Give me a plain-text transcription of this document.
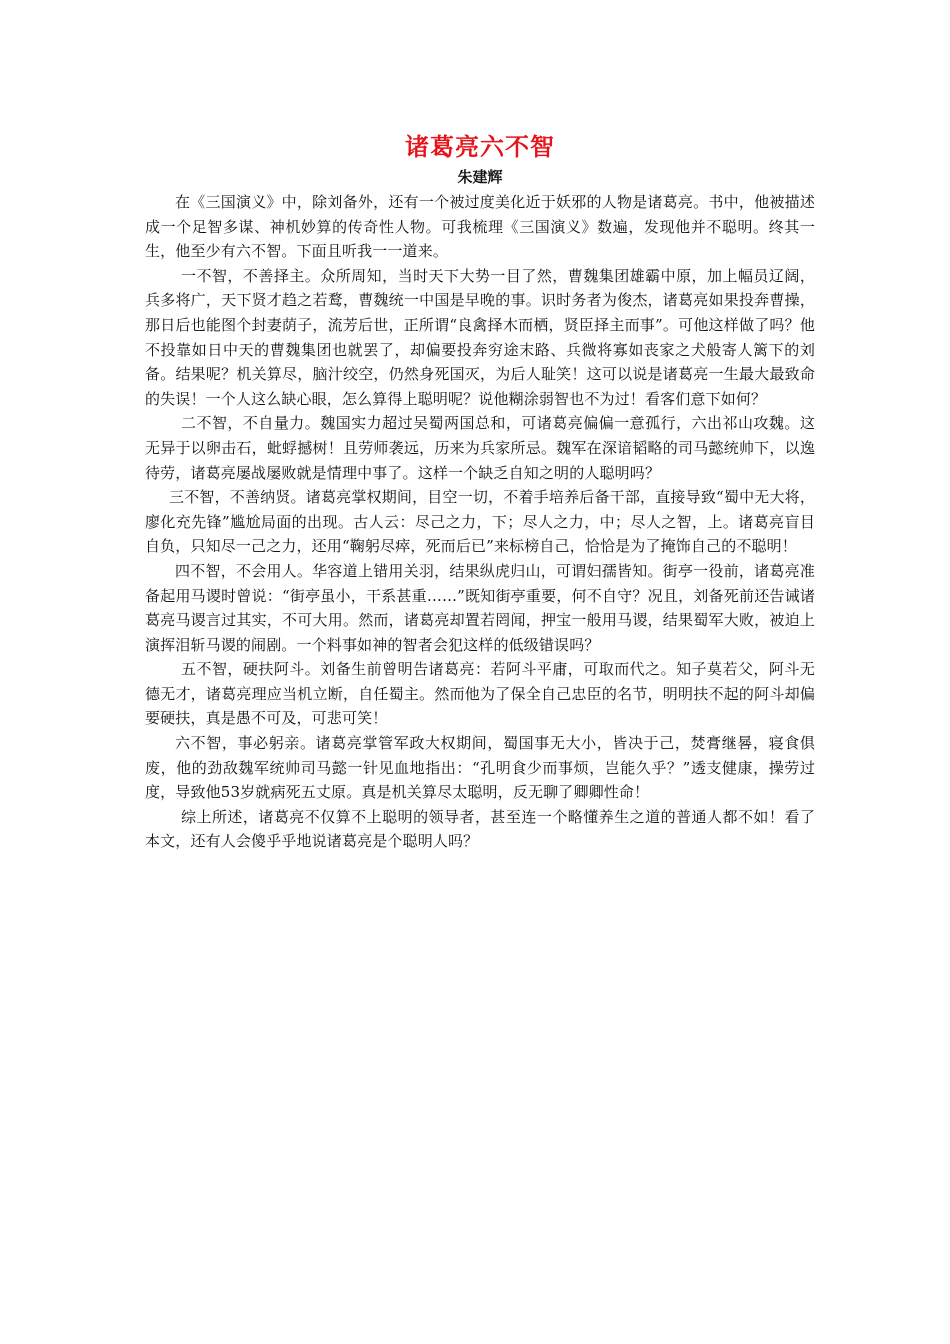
诸葛亮六不智
朱建辉

在《三国演义》中，除刘备外，还有一个被过度美化近于妖邪的人物是诸葛亮。书中，他被描述成一个足智多谋、神机妙算的传奇性人物。可我梳理《三国演义》数遍，发现他并不聪明。终其一生，他至少有六不智。下面且听我一一道来。

一不智，不善择主。众所周知，当时天下大势一目了然，曹魏集团雄霸中原，加上幅员辽阔，兵多将广，天下贤才趋之若鹜，曹魏统一中国是早晚的事。识时务者为俊杰，诸葛亮如果投奔曹操，那日后也能图个封妻荫子，流芳后世，正所谓“良禽择木而栖，贤臣择主而事”。可他这样做了吗？他不投靠如日中天的曹魏集团也就罢了，却偏要投奔穷途末路、兵微将寡如丧家之犬般寄人篱下的刘备。结果呢？机关算尽，脑汁绞空，仍然身死国灭，为后人耻笑！这可以说是诸葛亮一生最大最致命的失误！一个人这么缺心眼，怎么算得上聪明呢？说他糊涂弱智也不为过！看客们意下如何？

二不智，不自量力。魏国实力超过吴蜀两国总和，可诸葛亮偏偏一意孤行，六出祁山攻魏。这无异于以卵击石，蚍蜉撼树！且劳师袭远，历来为兵家所忌。魏军在深谙韬略的司马懿统帅下，以逸待劳，诸葛亮屡战屡败就是情理中事了。这样一个缺乏自知之明的人聪明吗？

三不智，不善纳贤。诸葛亮掌权期间，目空一切，不着手培养后备干部，直接导致“蜀中无大将，廖化充先锋”尴尬局面的出现。古人云：尽己之力，下；尽人之力，中；尽人之智，上。诸葛亮盲目自负，只知尽一己之力，还用“鞠躬尽瘁，死而后已”来标榜自己，恰恰是为了掩饰自己的不聪明！

四不智，不会用人。华容道上错用关羽，结果纵虎归山，可谓妇孺皆知。街亭一役前，诸葛亮准备起用马谡时曾说：“街亭虽小，干系甚重……”既知街亭重要，何不自守？况且，刘备死前还告诫诸葛亮马谡言过其实，不可大用。然而，诸葛亮却置若罔闻，押宝一般用马谡，结果蜀军大败，被迫上演挥泪斩马谡的闹剧。一个料事如神的智者会犯这样的低级错误吗？

五不智，硬扶阿斗。刘备生前曾明告诸葛亮：若阿斗平庸，可取而代之。知子莫若父，阿斗无德无才，诸葛亮理应当机立断，自任蜀主。然而他为了保全自己忠臣的名节，明明扶不起的阿斗却偏要硬扶，真是愚不可及，可悲可笑！

六不智，事必躬亲。诸葛亮掌管军政大权期间，蜀国事无大小，皆决于己，焚膏继晷，寝食俱废，他的劲敌魏军统帅司马懿一针见血地指出：“孔明食少而事烦，岂能久乎？”透支健康，操劳过度，导致他53岁就病死五丈原。真是机关算尽太聪明，反无聊了卿卿性命！

综上所述，诸葛亮不仅算不上聪明的领导者，甚至连一个略懂养生之道的普通人都不如！看了本文，还有人会傻乎乎地说诸葛亮是个聪明人吗？
